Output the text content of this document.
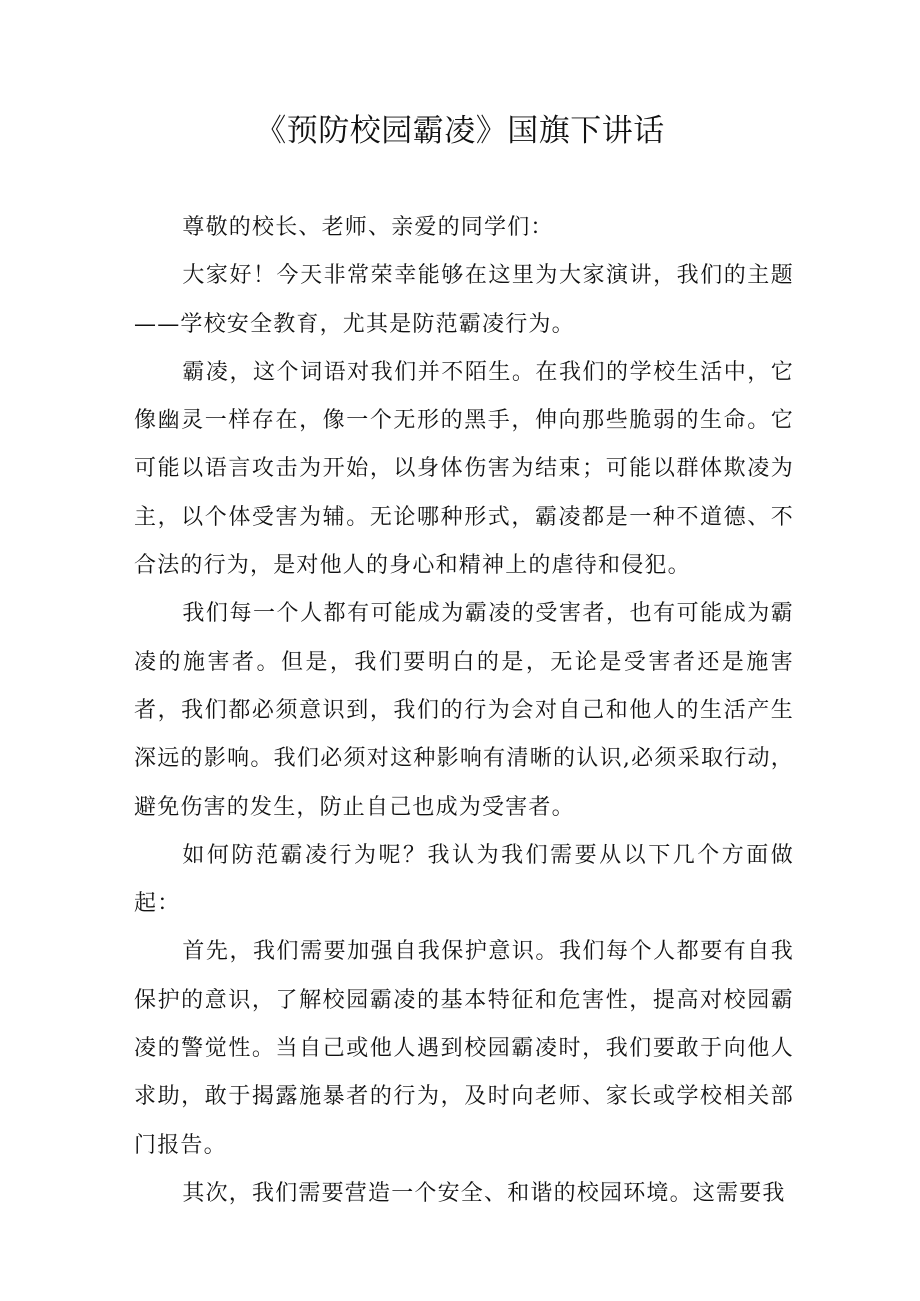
《预防校园霸凌》国旗下讲话

尊敬的校长、老师、亲爱的同学们：

大家好！今天非常荣幸能够在这里为大家演讲，我们的主题——学校安全教育，尤其是防范霸凌行为。

霸凌，这个词语对我们并不陌生。在我们的学校生活中，它像幽灵一样存在，像一个无形的黑手，伸向那些脆弱的生命。它可能以语言攻击为开始，以身体伤害为结束；可能以群体欺凌为主，以个体受害为辅。无论哪种形式，霸凌都是一种不道德、不合法的行为，是对他人的身心和精神上的虐待和侵犯。

我们每一个人都有可能成为霸凌的受害者，也有可能成为霸凌的施害者。但是，我们要明白的是，无论是受害者还是施害者，我们都必须意识到，我们的行为会对自己和他人的生活产生深远的影响。我们必须对这种影响有清晰的认识,必须采取行动，避免伤害的发生，防止自己也成为受害者。

如何防范霸凌行为呢？我认为我们需要从以下几个方面做起：

首先，我们需要加强自我保护意识。我们每个人都要有自我保护的意识，了解校园霸凌的基本特征和危害性，提高对校园霸凌的警觉性。当自己或他人遇到校园霸凌时，我们要敢于向他人求助，敢于揭露施暴者的行为，及时向老师、家长或学校相关部门报告。

其次，我们需要营造一个安全、和谐的校园环境。这需要我
